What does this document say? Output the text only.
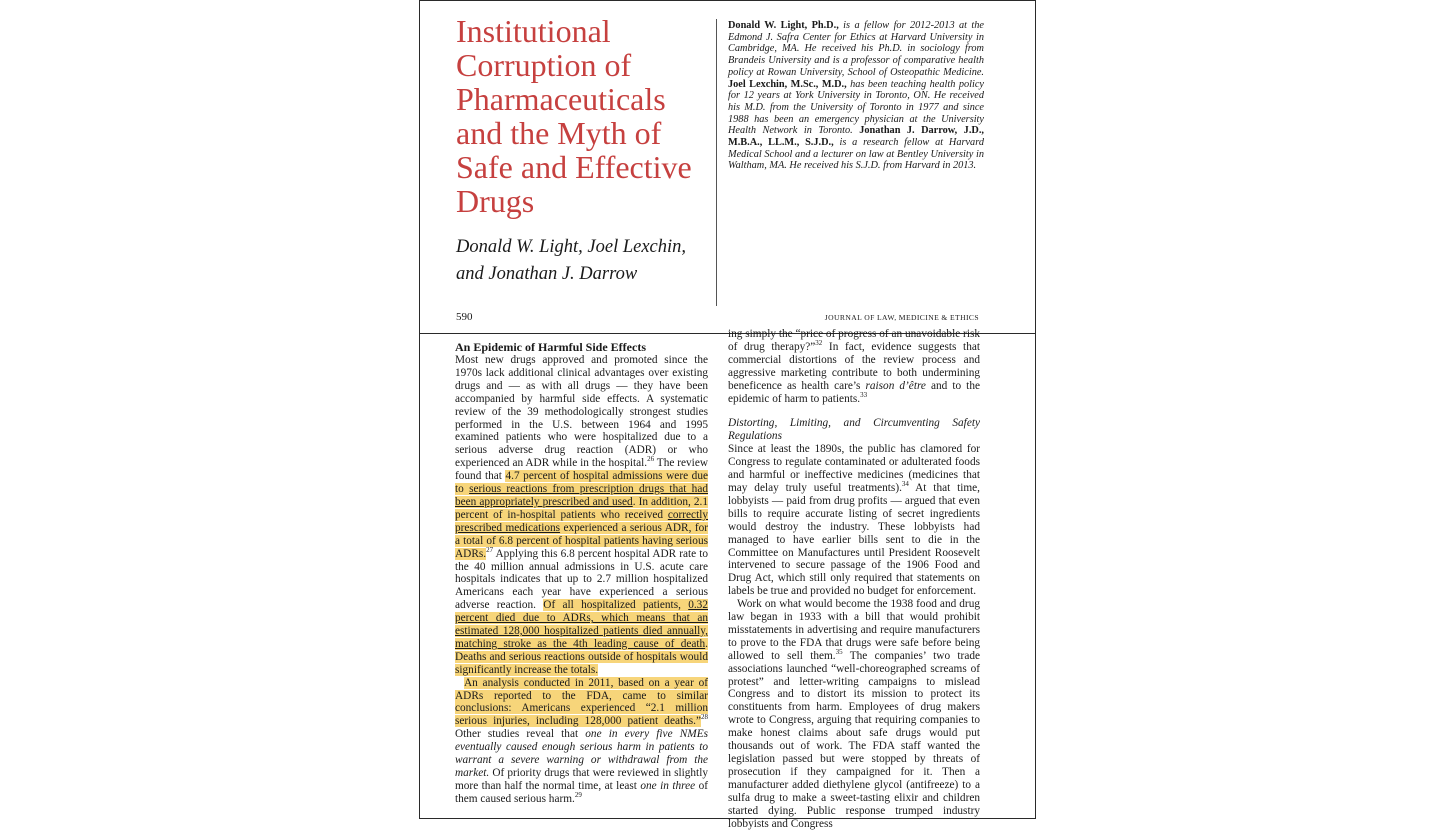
Institutional Corruption of Pharmaceuticals and the Myth of Safe and Effective Drugs
Donald W. Light, Joel Lexchin,
and Jonathan J. Darrow

Donald W. Light, Ph.D., is a fellow for 2012-2013 at the Edmond J. Safra Center for Ethics at Harvard University in Cambridge, MA. He received his Ph.D. in sociology from Brandeis University and is a professor of comparative health policy at Rowan University, School of Osteopathic Medicine. Joel Lexchin, M.Sc., M.D., has been teaching health policy for 12 years at York University in Toronto, ON. He received his M.D. from the University of Toronto in 1977 and since 1988 has been an emergency physician at the University Health Network in Toronto. Jonathan J. Darrow, J.D., M.B.A., LL.M., S.J.D., is a research fellow at Harvard Medical School and a lecturer on law at Bentley University in Waltham, MA. He received his S.J.D. from Harvard in 2013.

590	JOURNAL OF LAW, MEDICINE & ETHICS
An Epidemic of Harmful Side Effects

Most new drugs approved and promoted since the 1970s lack additional clinical advantages over existing drugs and — as with all drugs — they have been accompanied by harmful side effects. A systematic review of the 39 methodologically strongest studies performed in the U.S. between 1964 and 1995 examined patients who were hospitalized due to a serious adverse drug reaction (ADR) or who experienced an ADR while in the hospital.$^{26}$ The review found that 4.7 percent of hospital admissions were due to serious reactions from prescription drugs that had been appropriately prescribed and used. In addition, 2.1 percent of in-hospital patients who received correctly prescribed medications experienced a serious ADR, for a total of 6.8 percent of hospital patients having serious ADRs.$^{27}$ Applying this 6.8 percent hospital ADR rate to the 40 million annual admissions in U.S. acute care hospitals indicates that up to 2.7 million hospitalized Americans each year have experienced a serious adverse reaction. Of all hospitalized patients, 0.32 percent died due to ADRs, which means that an estimated 128,000 hospitalized patients died annually, matching stroke as the 4th leading cause of death. Deaths and serious reactions outside of hospitals would significantly increase the totals.

An analysis conducted in 2011, based on a year of ADRs reported to the FDA, came to similar conclusions: Americans experienced “2.1 million serious injuries, including 128,000 patient deaths.”$^{28}$ Other studies reveal that one in every five NMEs eventually caused enough serious harm in patients to warrant a severe warning or withdrawal from the market. Of priority drugs that were reviewed in slightly more than half the normal time, at least one in three of them caused serious harm.$^{29}$

ing simply the “price of progress of an unavoidable risk of drug therapy?”$^{32}$ In fact, evidence suggests that commercial distortions of the review process and aggressive marketing contribute to both undermining beneficence as health care’s raison d’être and to the epidemic of harm to patients.$^{33}$

Distorting, Limiting, and Circumventing Safety Regulations

Since at least the 1890s, the public has clamored for Congress to regulate contaminated or adulterated foods and harmful or ineffective medicines (medicines that may delay truly useful treatments).$^{34}$ At that time, lobbyists — paid from drug profits — argued that even bills to require accurate listing of secret ingredients would destroy the industry. These lobbyists had managed to have earlier bills sent to die in the Committee on Manufactures until President Roosevelt intervened to secure passage of the 1906 Food and Drug Act, which still only required that statements on labels be true and provided no budget for enforcement.

Work on what would become the 1938 food and drug law began in 1933 with a bill that would prohibit misstatements in advertising and require manufacturers to prove to the FDA that drugs were safe before being allowed to sell them.$^{35}$ The companies’ two trade associations launched “well-choreographed screams of protest” and letter-writing campaigns to mislead Congress and to distort its mission to protect its constituents from harm. Employees of drug makers wrote to Congress, arguing that requiring companies to make honest claims about safe drugs would put thousands out of work. The FDA staff wanted the legislation passed but were stopped by threats of prosecution if they campaigned for it. Then a manufacturer added diethylene glycol (antifreeze) to a sulfa drug to make a sweet-tasting elixir and children started dying. Public response trumped industry lobbyists and Congress
